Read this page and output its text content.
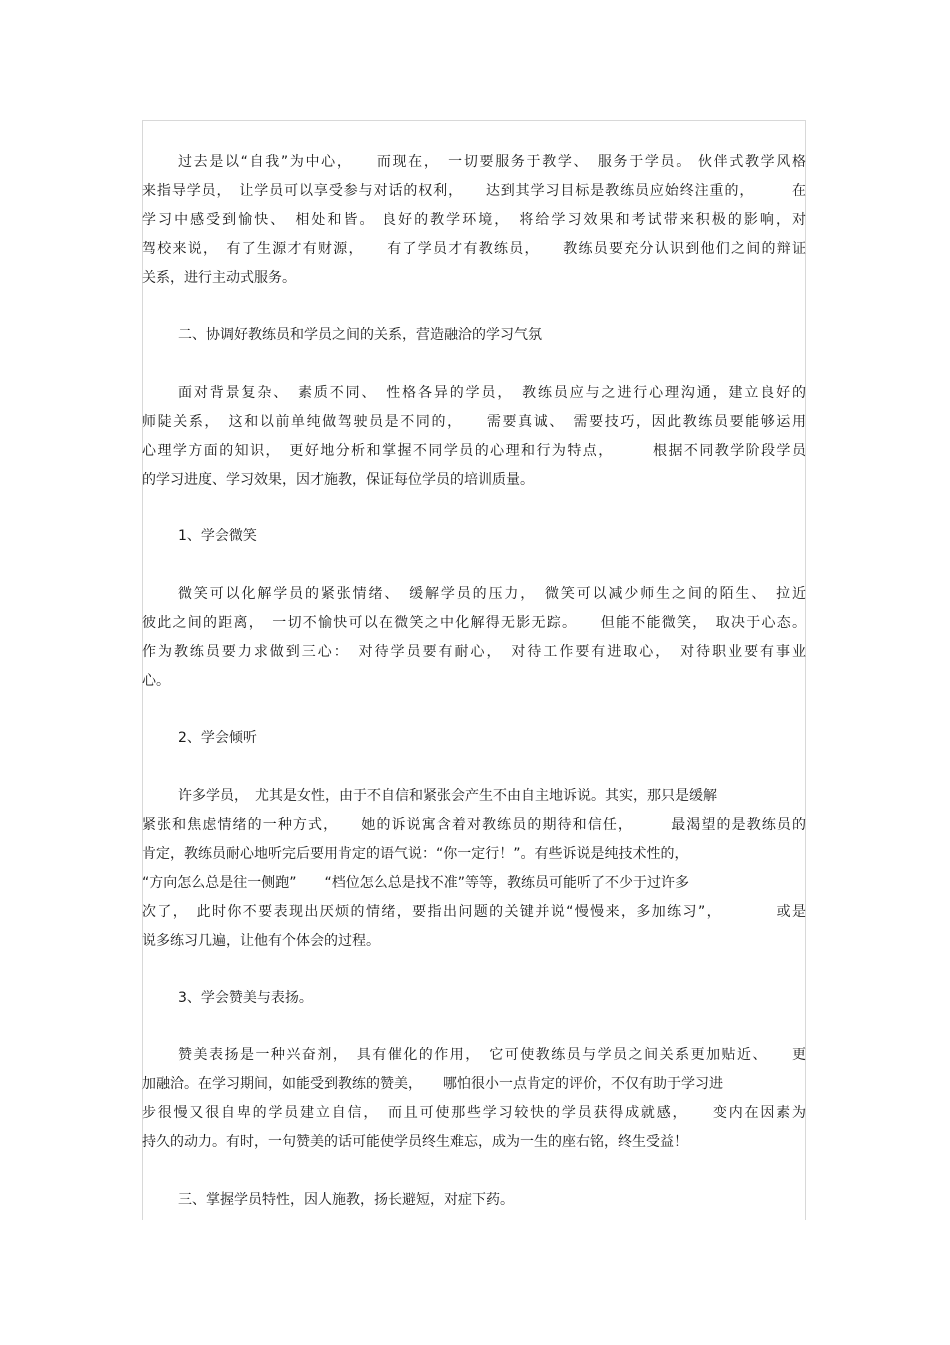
过去是以“自我”为中心，　　而现在，　一切要服务于教学、　服务于学员。 伙伴式教学风格
来指导学员，　让学员可以享受参与对话的权利，　　达到其学习目标是教练员应始终注重的，　　　在
学习中感受到愉快、　相处和皆。 良好的教学环境，　将给学习效果和考试带来积极的影响，对
驾校来说，　有了生源才有财源，　　有了学员才有教练员，　　教练员要充分认识到他们之间的辩证
关系，进行主动式服务。
二、协调好教练员和学员之间的关系，营造融洽的学习气氛
面对背景复杂、　素质不同、　性格各异的学员，　教练员应与之进行心理沟通，建立良好的
师陡关系，　这和以前单纯做驾驶员是不同的，　　需要真诚、　需要技巧，因此教练员要能够运用
心理学方面的知识，　更好地分析和掌握不同学员的心理和行为特点，　　　根据不同教学阶段学员
的学习进度、学习效果，因才施教，保证每位学员的培训质量。
1、学会微笑
微笑可以化解学员的紧张情绪、　缓解学员的压力，　微笑可以减少师生之间的陌生、　拉近
彼此之间的距离，　一切不愉快可以在微笑之中化解得无影无踪。　　但能不能微笑，　取决于心态。
作为教练员要力求做到三心：　对待学员要有耐心，　对待工作要有进取心，　对待职业要有事业
心。
2、学会倾听
许多学员，　尤其是女性，由于不自信和紧张会产生不由自主地诉说。其实，那只是缓解
紧张和焦虑情绪的一种方式，　　她的诉说寓含着对教练员的期待和信任，　　　最渴望的是教练员的
肯定，教练员耐心地听完后要用肯定的语气说：“你一定行！”。有些诉说是纯技术性的，
“方向怎么总是往一侧跑”　　“档位怎么总是找不准”等等，教练员可能听了不少于过许多
次了，　此时你不要表现出厌烦的情绪，要指出问题的关键并说“慢慢来，多加练习”，　　　　或是
说多练习几遍，让他有个体会的过程。
3、学会赞美与表扬。
赞美表扬是一种兴奋剂，　具有催化的作用，　它可使教练员与学员之间关系更加贴近、　　更
加融洽。在学习期间，如能受到教练的赞美，　　哪怕很小一点肯定的评价，不仅有助于学习进
步很慢又很自卑的学员建立自信，　而且可使那些学习较快的学员获得成就感，　　变内在因素为
持久的动力。有时，一句赞美的话可能使学员终生难忘，成为一生的座右铭，终生受益！
三、掌握学员特性，因人施教，扬长避短，对症下药。
